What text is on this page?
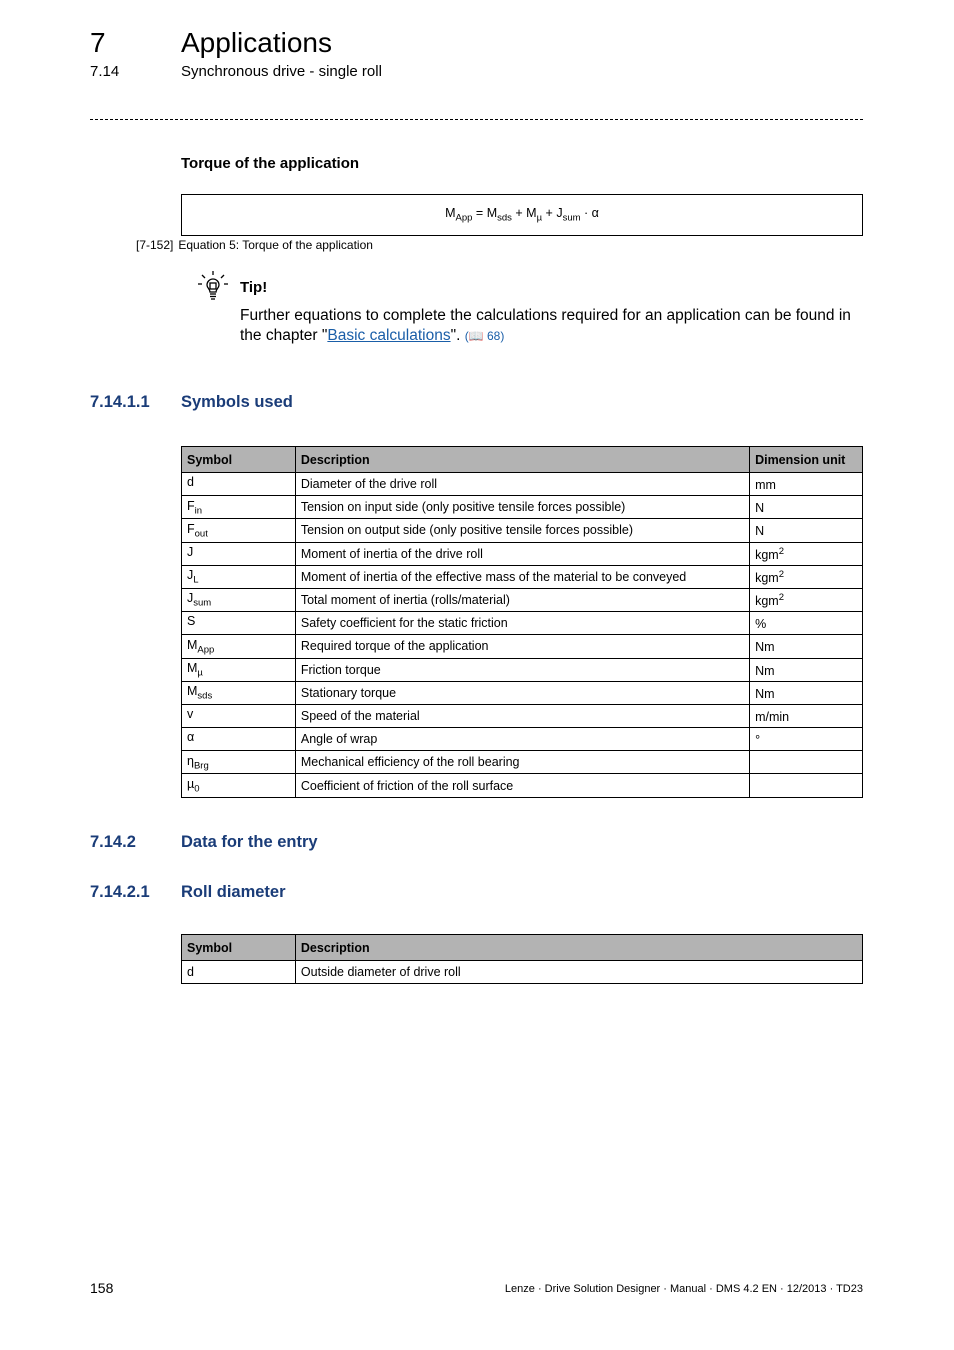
7	Applications
7.14	Synchronous drive - single roll
Torque of the application
$M_{App} = M_{sds} + M_\mu + J_{sum} \cdot \alpha$
[7-152] Equation 5: Torque of the application
Tip!
Further equations to complete the calculations required for an application can be found in the chapter "Basic calculations". (📖 68)
7.14.1.1 Symbols used
Symbol	Description	Dimension unit
d	Diameter of the drive roll	mm
$F_{in}$	Tension on input side (only positive tensile forces possible)	N
$F_{out}$	Tension on output side (only positive tensile forces possible)	N
J	Moment of inertia of the drive roll	kgm$^2$
$J_L$	Moment of inertia of the effective mass of the material to be conveyed	kgm$^2$
$J_{sum}$	Total moment of inertia (rolls/material)	kgm$^2$
S	Safety coefficient for the static friction	%
$M_{App}$	Required torque of the application	Nm
$M_\mu$	Friction torque	Nm
$M_{sds}$	Stationary torque	Nm
v	Speed of the material	m/min
α	Angle of wrap	°
$\eta_{Brg}$	Mechanical efficiency of the roll bearing	
µ$_0$	Coefficient of friction of the roll surface	
7.14.2	Data for the entry
7.14.2.1 Roll diameter
Symbol	Description
d	Outside diameter of drive roll
158	Lenze · Drive Solution Designer · Manual · DMS 4.2 EN · 12/2013 · TD23
